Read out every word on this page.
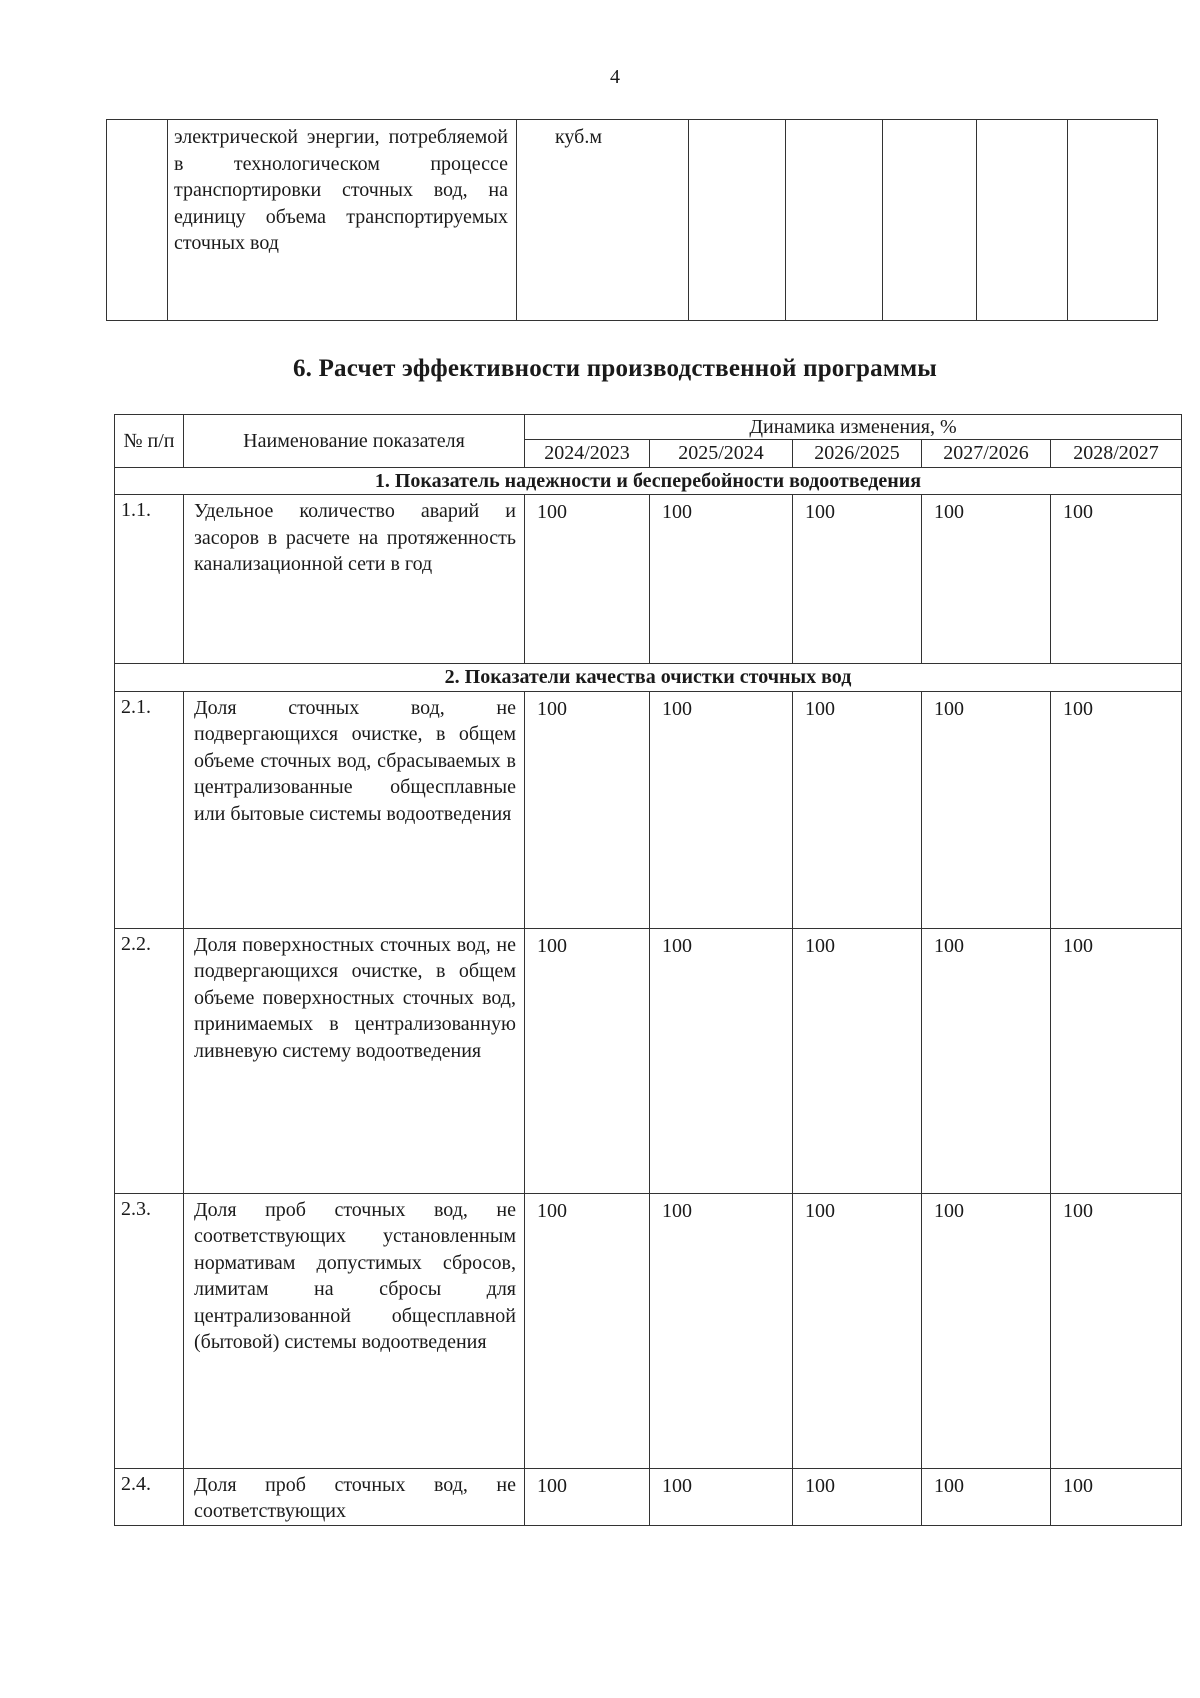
4
	электрической энергии, потребляемой в технологическом процессе транспортировки сточных вод, на единицу объема транспортируемых сточных вод	куб.м					
6. Расчет эффективности производственной программы
№ п/п	Наименование показателя	Динамика изменения, %				
		2024/2023	2025/2024	2026/2025	2027/2026	2028/2027
1. Показатель надежности и бесперебойности водоотведения						
1.1.	Удельное количество аварий и засоров в расчете на протяженность канализационной сети в год	100	100	100	100	100
2. Показатели качества очистки сточных вод						
2.1.	Доля сточных вод, не подвергающихся очистке, в общем объеме сточных вод, сбрасываемых в централизованные общесплавные или бытовые системы водоотведения	100	100	100	100	100
2.2.	Доля поверхностных сточных вод, не подвергающихся очистке, в общем объеме поверхностных сточных вод, принимаемых в централизованную ливневую систему водоотведения	100	100	100	100	100
2.3.	Доля проб сточных вод, не соответствующих установленным нормативам допустимых сбросов, лимитам на сбросы для централизованной общесплавной (бытовой) системы водоотведения	100	100	100	100	100
2.4.	Доля проб сточных вод, не соответствующих	100	100	100	100	100
